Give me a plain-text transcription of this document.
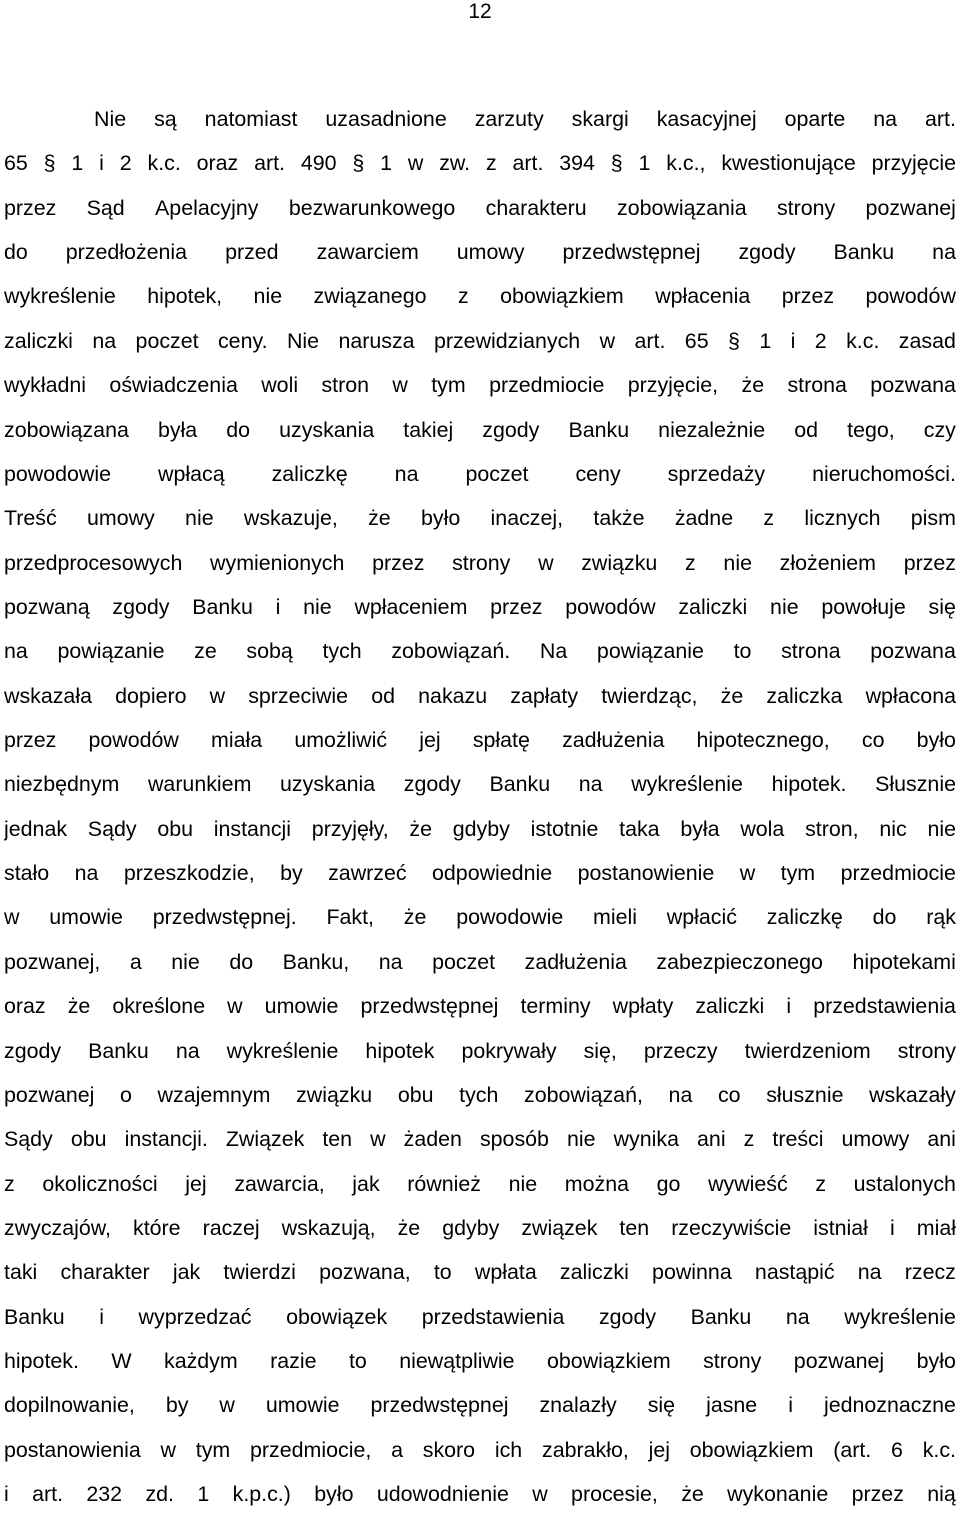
12
Nie są natomiast uzasadnione zarzuty skargi kasacyjnej oparte na art.
65 § 1 i 2 k.c. oraz art. 490 § 1 w zw. z art. 394 § 1 k.c., kwestionujące przyjęcie
przez Sąd Apelacyjny bezwarunkowego charakteru zobowiązania strony pozwanej
do przedłożenia przed zawarciem umowy przedwstępnej zgody Banku na
wykreślenie hipotek, nie związanego z obowiązkiem wpłacenia przez powodów
zaliczki na poczet ceny. Nie narusza przewidzianych w art. 65 § 1 i 2 k.c. zasad
wykładni oświadczenia woli stron w tym przedmiocie przyjęcie, że strona pozwana
zobowiązana była do uzyskania takiej zgody Banku niezależnie od tego, czy
powodowie wpłacą zaliczkę na poczet ceny sprzedaży nieruchomości.
Treść umowy nie wskazuje, że było inaczej, także żadne z licznych pism
przedprocesowych wymienionych przez strony w związku z nie złożeniem przez
pozwaną zgody Banku i nie wpłaceniem przez powodów zaliczki nie powołuje się
na powiązanie ze sobą tych zobowiązań. Na powiązanie to strona pozwana
wskazała dopiero w sprzeciwie od nakazu zapłaty twierdząc, że zaliczka wpłacona
przez powodów miała umożliwić jej spłatę zadłużenia hipotecznego, co było
niezbędnym warunkiem uzyskania zgody Banku na wykreślenie hipotek. Słusznie
jednak Sądy obu instancji przyjęły, że gdyby istotnie taka była wola stron, nic nie
stało na przeszkodzie, by zawrzeć odpowiednie postanowienie w tym przedmiocie
w umowie przedwstępnej. Fakt, że powodowie mieli wpłacić zaliczkę do rąk
pozwanej, a nie do Banku, na poczet zadłużenia zabezpieczonego hipotekami
oraz że określone w umowie przedwstępnej terminy wpłaty zaliczki i przedstawienia
zgody Banku na wykreślenie hipotek pokrywały się, przeczy twierdzeniom strony
pozwanej o wzajemnym związku obu tych zobowiązań, na co słusznie wskazały
Sądy obu instancji. Związek ten w żaden sposób nie wynika ani z treści umowy ani
z okoliczności jej zawarcia, jak również nie można go wywieść z ustalonych
zwyczajów, które raczej wskazują, że gdyby związek ten rzeczywiście istniał i miał
taki charakter jak twierdzi pozwana, to wpłata zaliczki powinna nastąpić na rzecz
Banku i wyprzedzać obowiązek przedstawienia zgody Banku na wykreślenie
hipotek. W każdym razie to niewątpliwie obowiązkiem strony pozwanej było
dopilnowanie, by w umowie przedwstępnej znalazły się jasne i jednoznaczne
postanowienia w tym przedmiocie, a skoro ich zabrakło, jej obowiązkiem (art. 6 k.c.
i art. 232 zd. 1 k.p.c.) było udowodnienie w procesie, że wykonanie przez nią
